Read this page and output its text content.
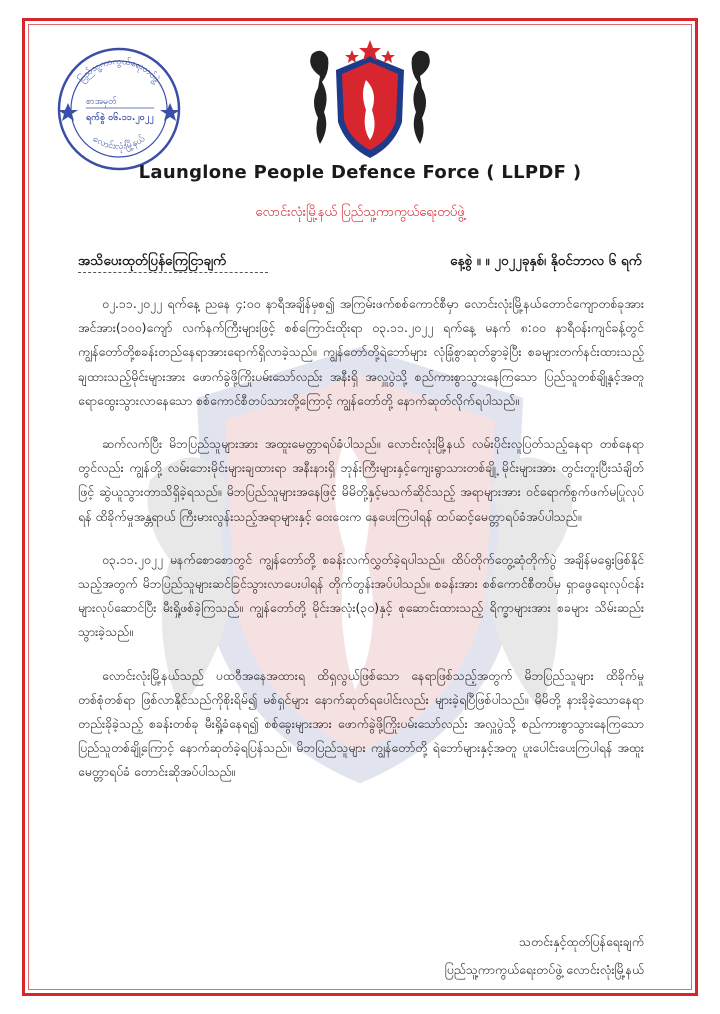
ပြည်သူ့ကာကွယ်ရေးတပ်ဖွဲ့
လောင်းလုံးမြို့နယ်
စာအမှတ်
ရက်စွဲ ၀၆.၁၁.၂၀၂၂
Launglone People Defence Force ( LLPDF )
လောင်းလုံးမြို့နယ် ပြည်သူ့ကာကွယ်ရေးတပ်ဖွဲ့
အသိပေးထုတ်ပြန်ကြေငြာချက်	နေ့စွဲ ။ ။ ၂၀၂၂ခုနှစ်၊ နိုဝင်ဘာလ ၆ ရက်

၀၂.၁၁.၂၀၂၂ ရက်နေ့ ညနေ ၄:၀၀ နာရီအချိန်မှစ၍ အကြမ်းဖက်စစ်ကောင်စီမှာ လောင်းလုံးမြို့နယ်တောင်ကျောတစ်ခုအား အင်အား(၁၀၀)ကျော် လက်နက်ကြီးများဖြင့် စစ်ကြောင်းထိုးရာ ၀၃.၁၁.၂၀၂၂ ရက်နေ့ မနက် ၈:၀၀ နာရီဝန်းကျင်ခန့်တွင် ကျွန်တော်တို့စခန်းတည်နေရာအားရောက်ရှိလာခဲ့သည်။ ကျွန်တော်တို့ရဲဘော်များ လုံခြုံစွာဆုတ်ခွာခဲ့ပြီး စခများတက်နင်းထားသည့် ချထားသည့်မိုင်းများအား ဖောက်ခွဲဖို့ကြိုးပမ်းသော်လည်း အနီးရှိ အလှူပွဲသို့ စည်ကားစွာသွားနေကြသော ပြည်သူတစ်ချို့နှင့်အတူ ရောထွေးသွားလာနေသော စစ်ကောင်စီတပ်သားတို့ကြောင့် ကျွန်တော်တို့ နောက်ဆုတ်လိုက်ရပါသည်။

ဆက်လက်ပြီး မိဘပြည်သူများအား အထူးမေတ္တာရပ်ခံပါသည်။ လောင်းလုံးမြို့နယ် လမ်းပိုင်းလူပြတ်သည့်နေရာ တစ်နေရာတွင်လည်း ကျွန်တို့ လမ်းဘေးမိုင်းများချထားရာ အနီးနားရှိ ဘုန်းကြီးများနှင့်ကျေးရွာသားတစ်ချို့ မိုင်းများအား တွင်းတူးပြီးသံချိတ်ဖြင့် ဆွဲယူသွားတာသိရှိခဲ့ရသည်။ မိဘပြည်သူများအနေဖြင့် မိမိတို့နှင့်မသက်ဆိုင်သည့် အရာများအား ဝင်ရောက်စွက်ဖက်မပြုလုပ်ရန် ထိခိုက်မှုအန္တရာယ် ကြီးမားလွန်းသည့်အရာများနှင့် ဝေးဝေးက နေပေးကြပါရန် ထပ်ဆင့်မေတ္တာရပ်ခံအပ်ပါသည်။

၀၃.၁၁.၂၀၂၂ မနက်စောစောတွင် ကျွန်တော်တို့ စခန်းလက်လွှတ်ခဲ့ရပါသည်။ ထိပ်တိုက်တွေ့ဆုံတိုက်ပွဲ အချိန်မရွေးဖြစ်နိုင်သည့်အတွက် မိဘပြည်သူများဆင်ခြင်သွားလာပေးပါရန် တိုက်တွန်းအပ်ပါသည်။ စခန်းအား စစ်ကောင်စီတပ်မှ ရှာဖွေရေးလုပ်ငန်းများလုပ်ဆောင်ပြီး မီးရှို့ဖစ်ခဲ့ကြသည်။ ကျွန်တော်တို့ မိုင်းအလုံး(၃၀)နှင့် စုဆောင်းထားသည့် ရိက္ခာများအား စခများ သိမ်းဆည်းသွားခဲ့သည်။

လောင်းလုံးမြို့နယ်သည် ပထဝီအနေအထားရ ထိရှလွယ်ဖြစ်သော နေရာဖြစ်သည့်အတွက် မိဘပြည်သူများ ထိခိုက်မှုတစ်စုံတစ်ရာ ဖြစ်လာနိုင်သည်ကိုစိုးရိမ်၍ မစ်ရှင်များ နောက်ဆုတ်ရပေါင်းလည်း များခဲ့ရပြီဖြစ်ပါသည်။ မိမိတို့ နားခိုခဲ့သောနေရာ တည်းခိုခဲ့သည့် စခန်းတစ်ခု မီးရှို့ခံနေရ၍ စစ်ခွေးများအား ဖောက်ခွဲဖို့ကြိုးပမ်းသော်လည်း အလှူပွဲသို့ စည်ကားစွာသွားနေကြသော ပြည်သူတစ်ချို့ကြောင့် နောက်ဆုတ်ခဲ့ရပြန်သည်။ မိဘပြည်သူများ ကျွန်တော်တို့ ရဲဘော်များနှင့်အတူ ပူးပေါင်းပေးကြပါရန် အထူးမေတ္တာရပ်ခံ တောင်းဆိုအပ်ပါသည်။

သတင်းနှင့်ထုတ်ပြန်ရေးချက်
ပြည်သူ့ကာကွယ်ရေးတပ်ဖွဲ့ လောင်းလုံးမြို့နယ်
